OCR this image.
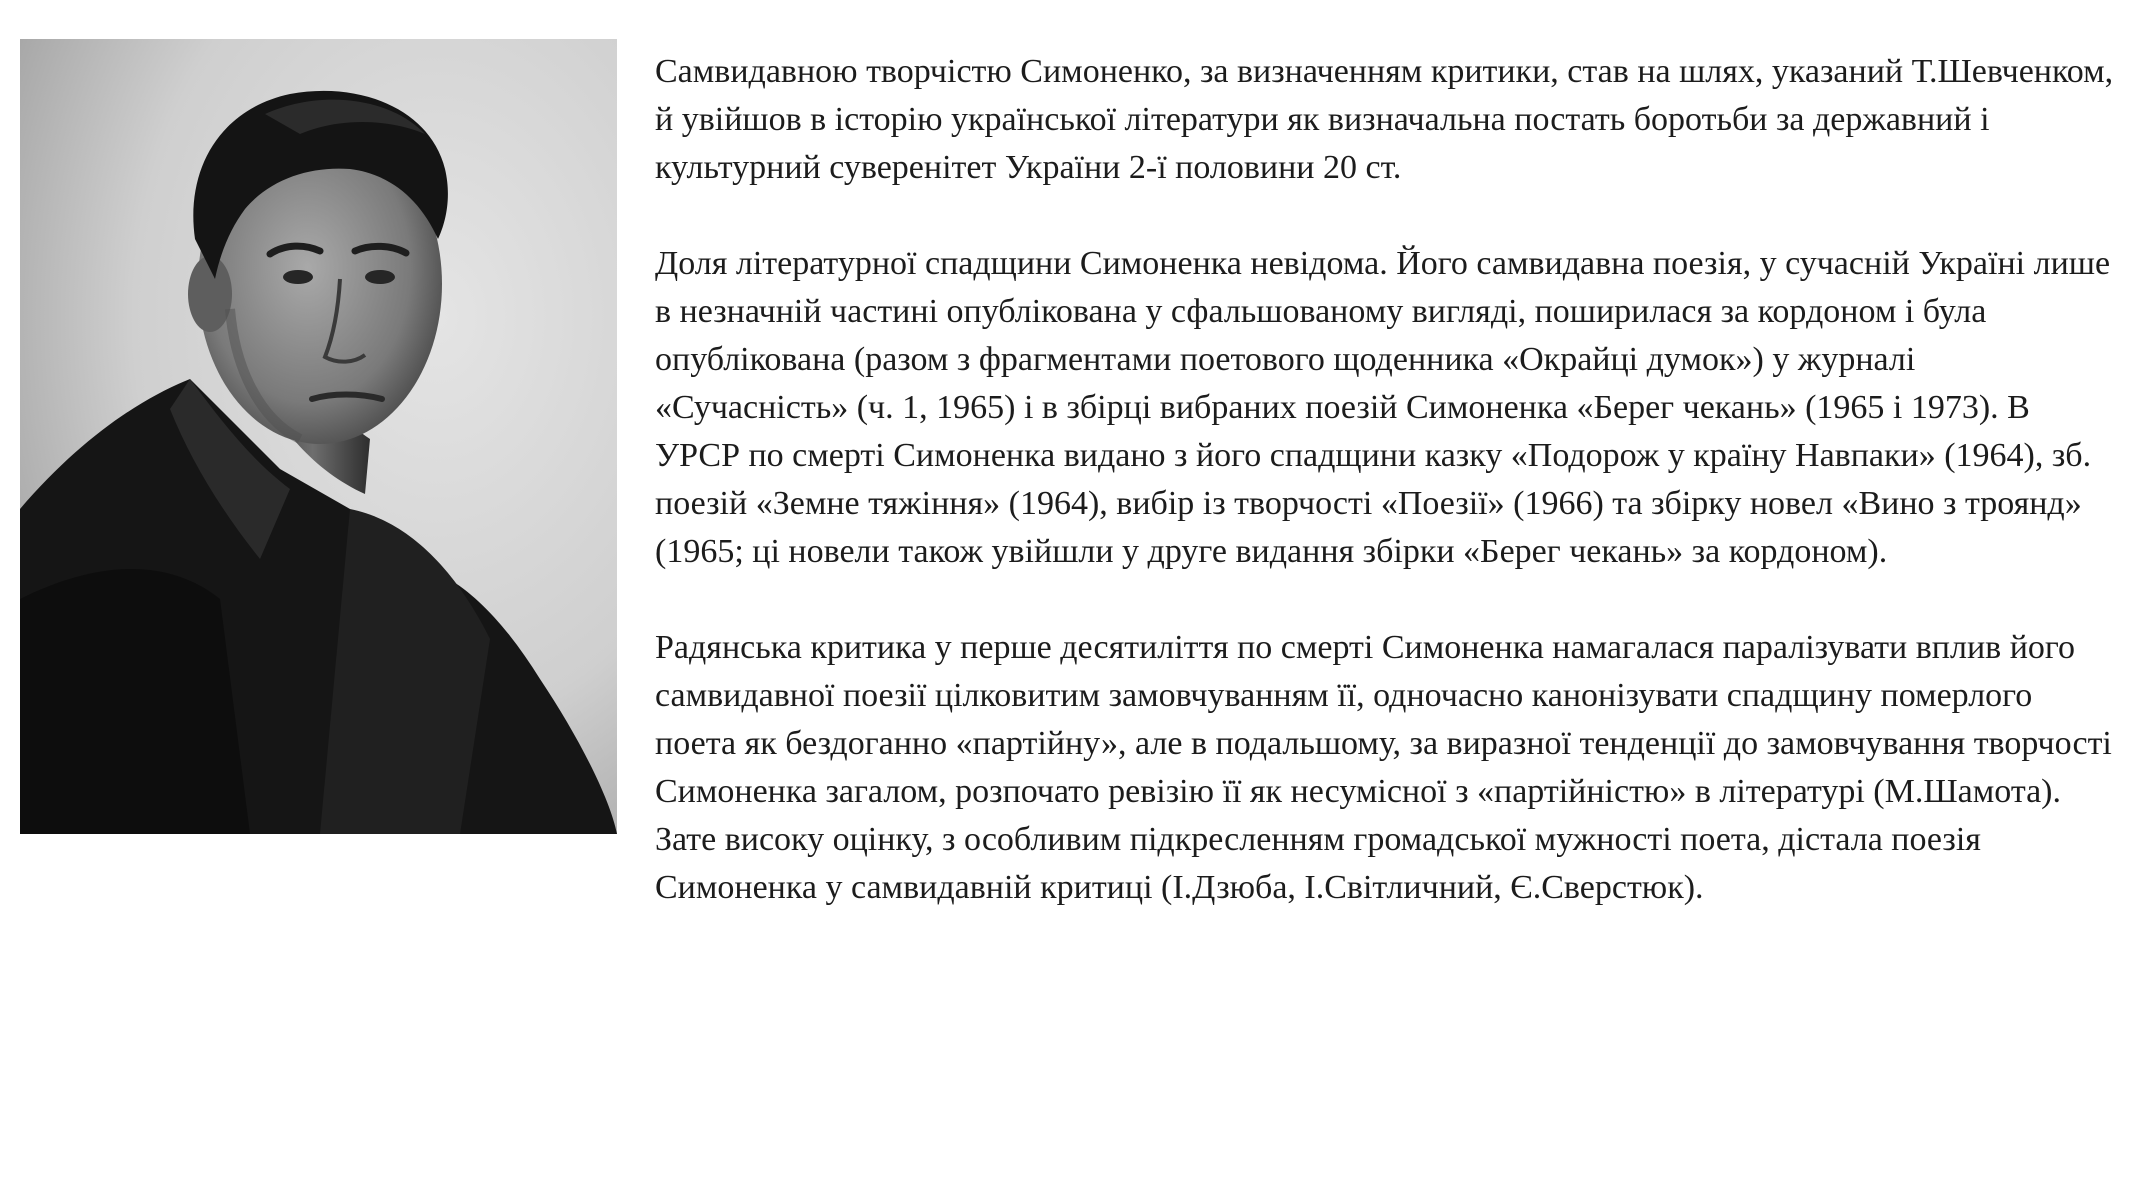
Самвидавною творчістю Симоненко, за визначенням критики, став на шлях, указаний Т.Шевченком, й увійшов в історію української літератури як визначальна постать боротьби за державний і культурний суверенітет України 2-ї половини 20 ст.

Доля літературної спадщини Симоненка невідома. Його самвидавна поезія, у сучасній Україні лише в незначній частині опублікована у сфальшованому вигляді, поширилася за кордоном і була опублікована (разом з фрагментами поетового щоденника «Окрайці думок») у журналі «Сучасність» (ч. 1, 1965) і в збірці вибраних поезій Симоненка «Берег чекань» (1965 і 1973). В УРСР по смерті Симоненка видано з його спадщини казку «Подорож у країну Навпаки» (1964), зб. поезій «Земне тяжіння» (1964), вибір із творчості «Поезії» (1966) та збірку новел «Вино з троянд» (1965; ці новели також увійшли у друге видання збірки «Берег чекань» за кордоном).

Радянська критика у перше десятиліття по смерті Симоненка намагалася паралізувати вплив його самвидавної поезії цілковитим замовчуванням її, одночасно канонізувати спадщину померлого поета як бездоганно «партійну», але в подальшому, за виразної тенденції до замовчування творчості Симоненка загалом, розпочато ревізію її як несумісної з «партійністю» в літературі (М.Шамота). Зате високу оцінку, з особливим підкресленням громадської мужності поета, дістала поезія Симоненка у самвидавній критиці (І.Дзюба, І.Світличний, Є.Сверстюк).
